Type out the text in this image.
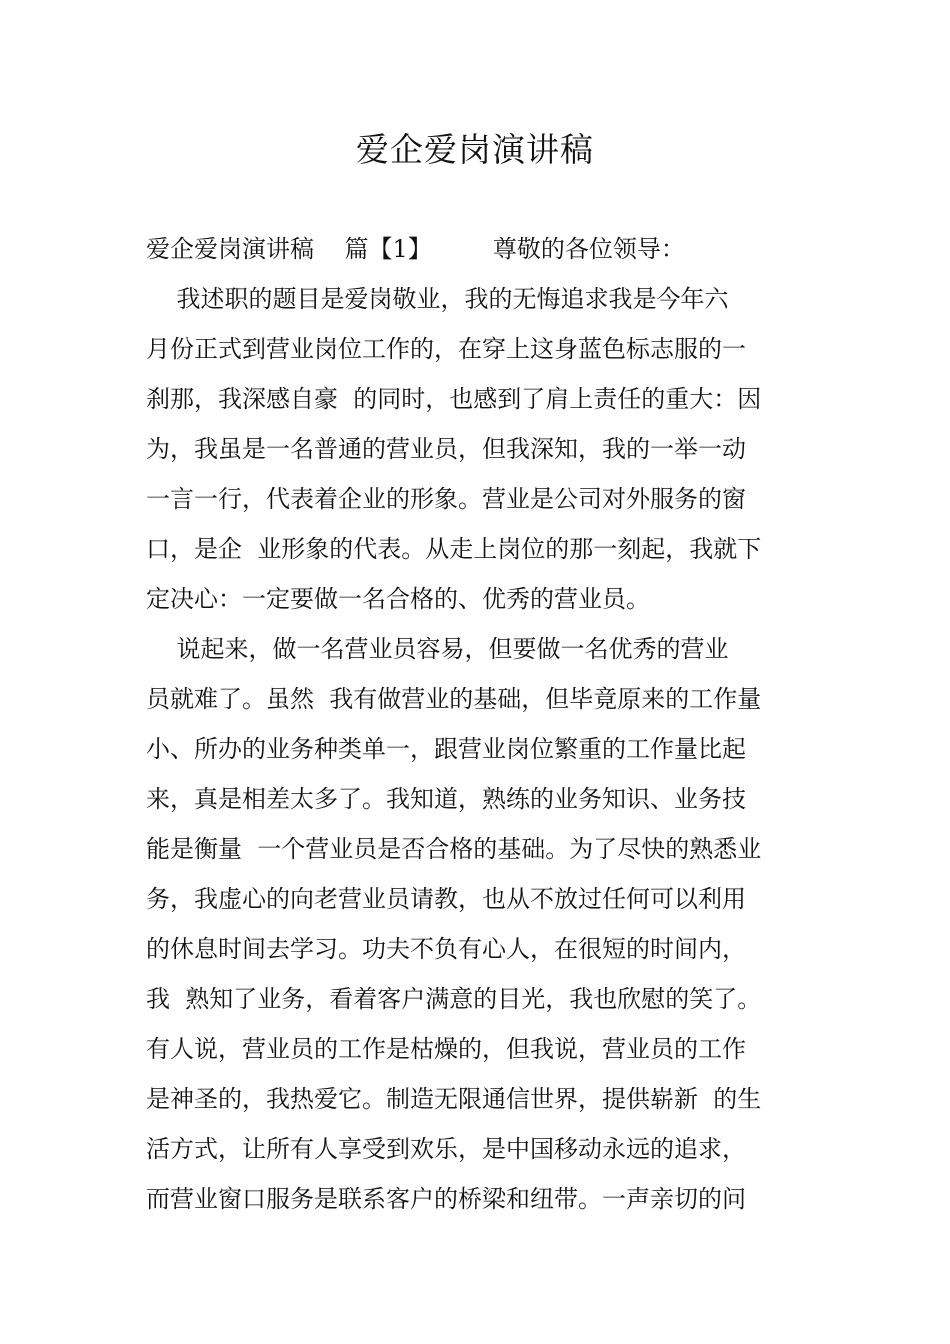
爱企爱岗演讲稿
爱企爱岗演讲稿    篇【1】        尊敬的各位领导：
我述职的题目是爱岗敬业，我的无悔追求我是今年六
月份正式到营业岗位工作的，在穿上这身蓝色标志服的一
刹那，我深感自豪  的同时，也感到了肩上责任的重大：因
为，我虽是一名普通的营业员，但我深知，我的一举一动
一言一行，代表着企业的形象。营业是公司对外服务的窗
口，是企  业形象的代表。从走上岗位的那一刻起，我就下
定决心：一定要做一名合格的、优秀的营业员。
说起来，做一名营业员容易，但要做一名优秀的营业
员就难了。虽然  我有做营业的基础，但毕竟原来的工作量
小、所办的业务种类单一，跟营业岗位繁重的工作量比起
来，真是相差太多了。我知道，熟练的业务知识、业务技
能是衡量  一个营业员是否合格的基础。为了尽快的熟悉业
务，我虚心的向老营业员请教，也从不放过任何可以利用
的休息时间去学习。功夫不负有心人，在很短的时间内，
我  熟知了业务，看着客户满意的目光，我也欣慰的笑了。
有人说，营业员的工作是枯燥的，但我说，营业员的工作
是神圣的，我热爱它。制造无限通信世界，提供崭新  的生
活方式，让所有人享受到欢乐，是中国移动永远的追求，
而营业窗口服务是联系客户的桥梁和纽带。一声亲切的问
